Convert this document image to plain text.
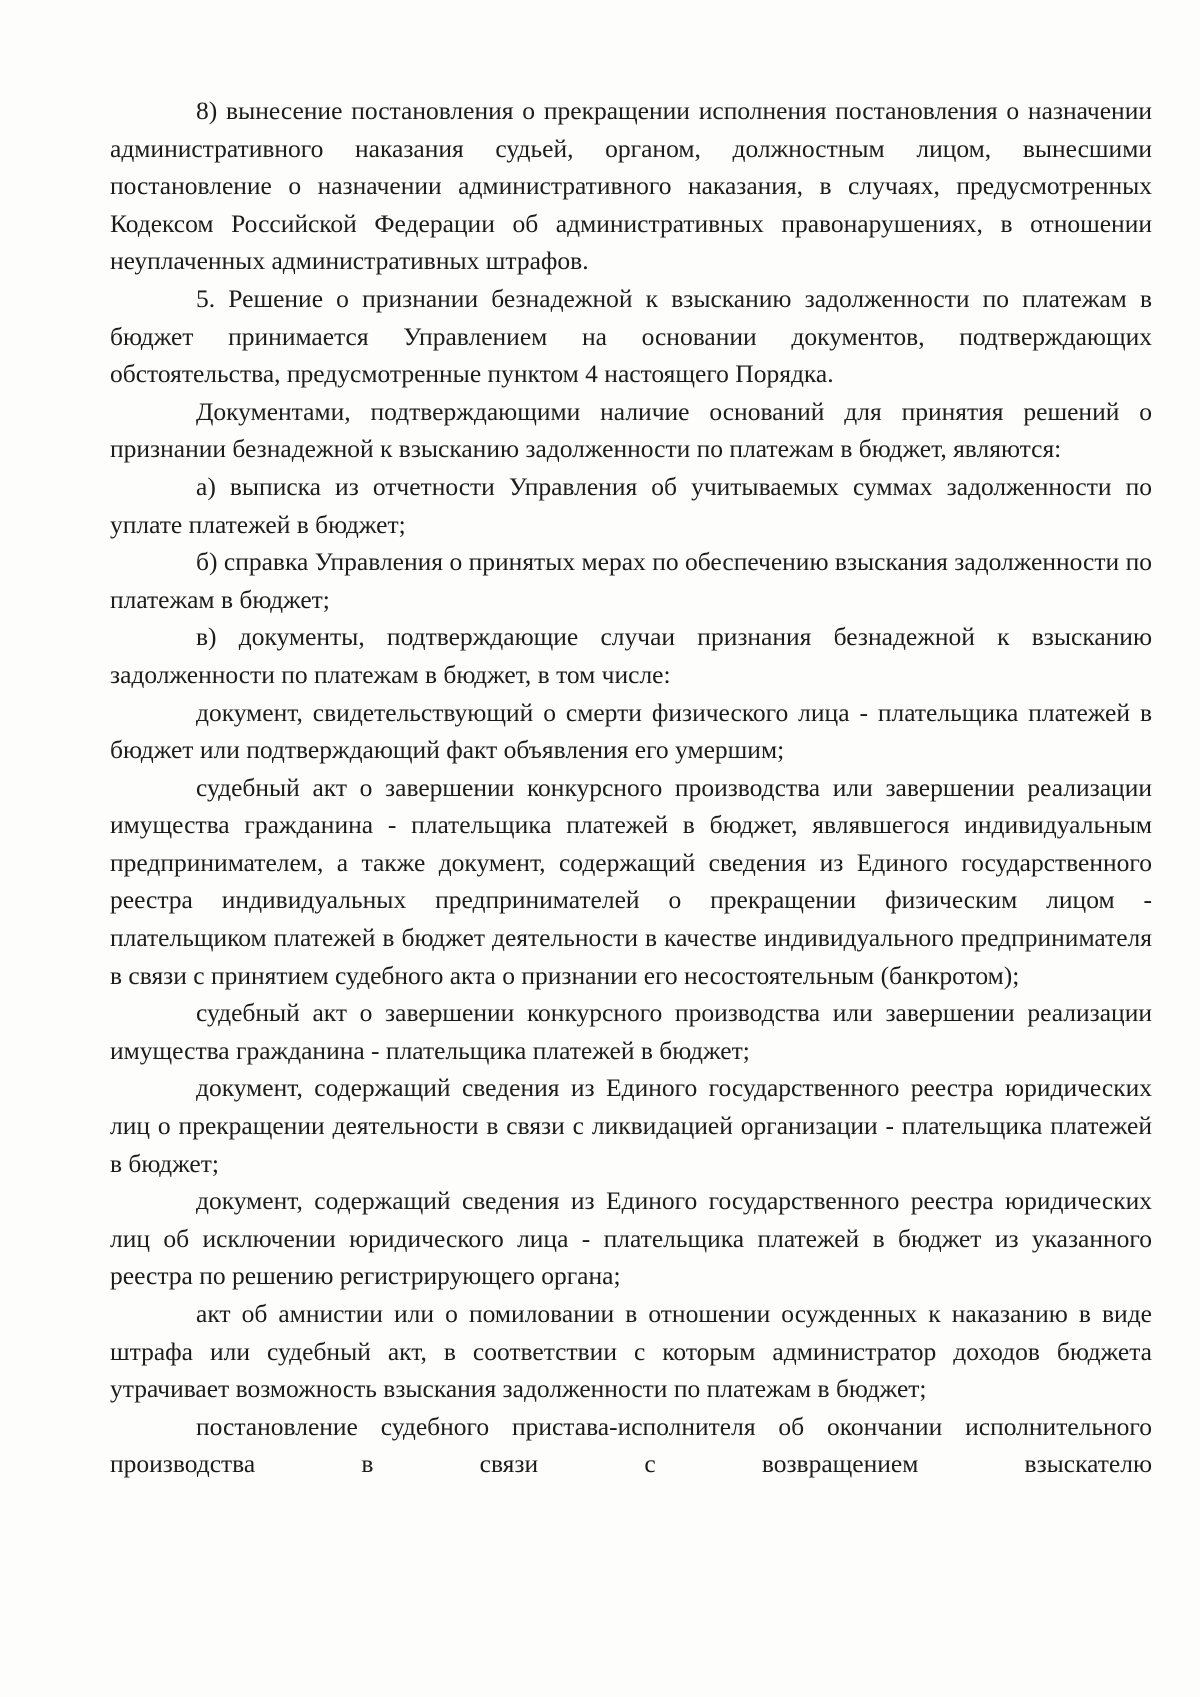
8) вынесение постановления о прекращении исполнения постановления о назначении административного наказания судьей, органом, должностным лицом, вынесшими постановление о назначении административного наказания, в случаях, предусмотренных Кодексом Российской Федерации об административных правонарушениях, в отношении неуплаченных административных штрафов.

5. Решение о признании безнадежной к взысканию задолженности по платежам в бюджет принимается Управлением на основании документов, подтверждающих обстоятельства, предусмотренные пунктом 4 настоящего Порядка.

Документами, подтверждающими наличие оснований для принятия решений о признании безнадежной к взысканию задолженности по платежам в бюджет, являются:

а) выписка из отчетности Управления об учитываемых суммах задолженности по уплате платежей в бюджет;

б) справка Управления о принятых мерах по обеспечению взыскания задолженности по платежам в бюджет;

в) документы, подтверждающие случаи признания безнадежной к взысканию задолженности по платежам в бюджет, в том числе:

документ, свидетельствующий о смерти физического лица - плательщика платежей в бюджет или подтверждающий факт объявления его умершим;

судебный акт о завершении конкурсного производства или завершении реализации имущества гражданина - плательщика платежей в бюджет, являвшегося индивидуальным предпринимателем, а также документ, содержащий сведения из Единого государственного реестра индивидуальных предпринимателей о прекращении физическим лицом - плательщиком платежей в бюджет деятельности в качестве индивидуального предпринимателя в связи с принятием судебного акта о признании его несостоятельным (банкротом);

судебный акт о завершении конкурсного производства или завершении реализации имущества гражданина - плательщика платежей в бюджет;

документ, содержащий сведения из Единого государственного реестра юридических лиц о прекращении деятельности в связи с ликвидацией организации - плательщика платежей в бюджет;

документ, содержащий сведения из Единого государственного реестра юридических лиц об исключении юридического лица - плательщика платежей в бюджет из указанного реестра по решению регистрирующего органа;

акт об амнистии или о помиловании в отношении осужденных к наказанию в виде штрафа или судебный акт, в соответствии с которым администратор доходов бюджета утрачивает возможность взыскания задолженности по платежам в бюджет;

постановление судебного пристава-исполнителя об окончании исполнительного производства в связи с возвращением взыскателю
